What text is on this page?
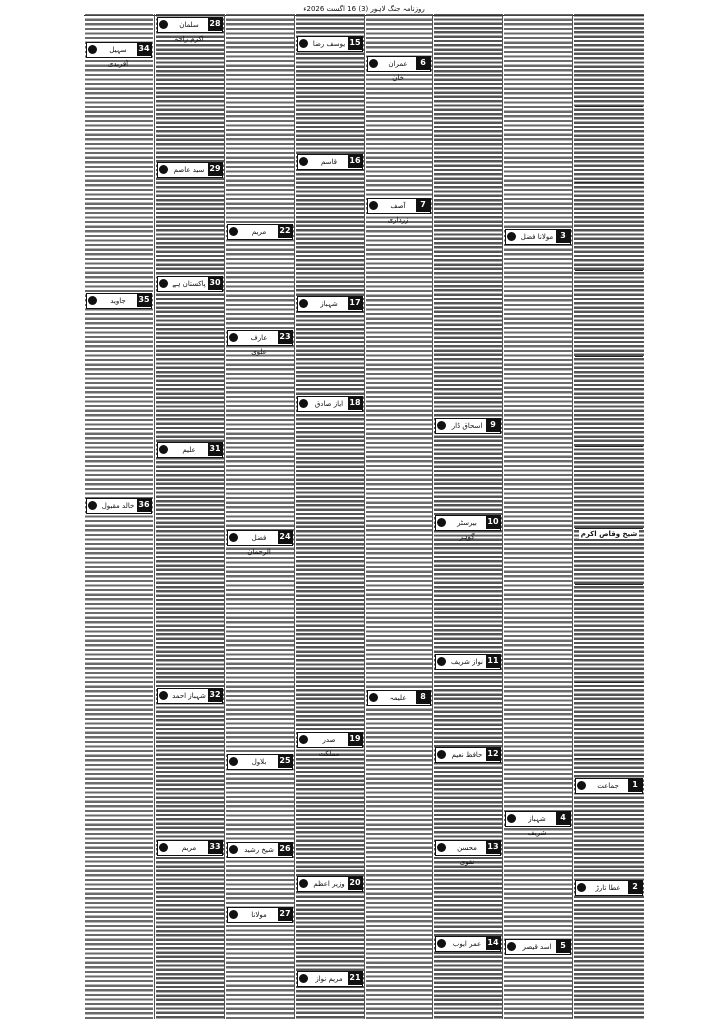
روزنامہ جنگ لاہور (3) 16 اگست 2026ء
سہیل آفریدی
34
جاوید	35
خالد مقبول 36
سلمان اکرم راجہ
28
سید عاصم 29
پاکستان ہے 30
علیم	31
شہباز احمد 32
مریم	33
مریم	22
عارف علوی
23
فضل الرحمان
24
بلاول	25
شیخ رشید 26
مولانا	27
یوسف رضا 15
قاسم	16
شہباز	17
ایاز صادق 18
صدر مملکت
19
وزیر اعظم 20
مریم نواز 21
عمران خان
6
آصف زرداری
7
علیمہ	8
اسحاق ڈار 9
بیرسٹر گوہر
10
نواز شریف 11
حافظ نعیم 12
محسن نقوی
13
عمر ایوب 14
مولانا فضل 3
شہباز شریف
4
اسد قیصر	5
جماعت	1
عطا تارڑ	2
شیخ وقاص اکرم
